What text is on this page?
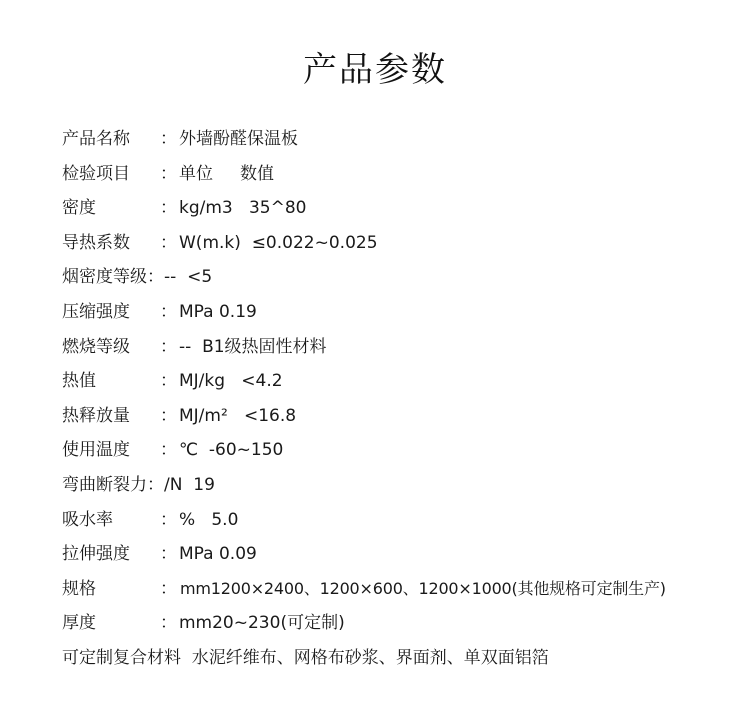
产品参数
产品名称 ： 外墙酚醛保温板
检验项目 ： 单位     数值
密度	： kg/m3   35^80
导热系数 ： W(m.k)  ≤0.022~0.025
烟密度等级：--  <5
压缩强度 ： MPa 0.19
燃烧等级 ： --  B1级热固性材料
热值	： MJ/kg   <4.2
热释放量 ： MJ/m²   <16.8
使用温度 ： ℃  -60~150
弯曲断裂力：/N  19
吸水率	： %   5.0
拉伸强度 ： MPa 0.09
规格	： mm1200×2400、1200×600、1200×1000(其他规格可定制生产)
厚度	： mm20~230(可定制)
可定制复合材料  水泥纤维布、网格布砂浆、界面剂、单双面铝箔
